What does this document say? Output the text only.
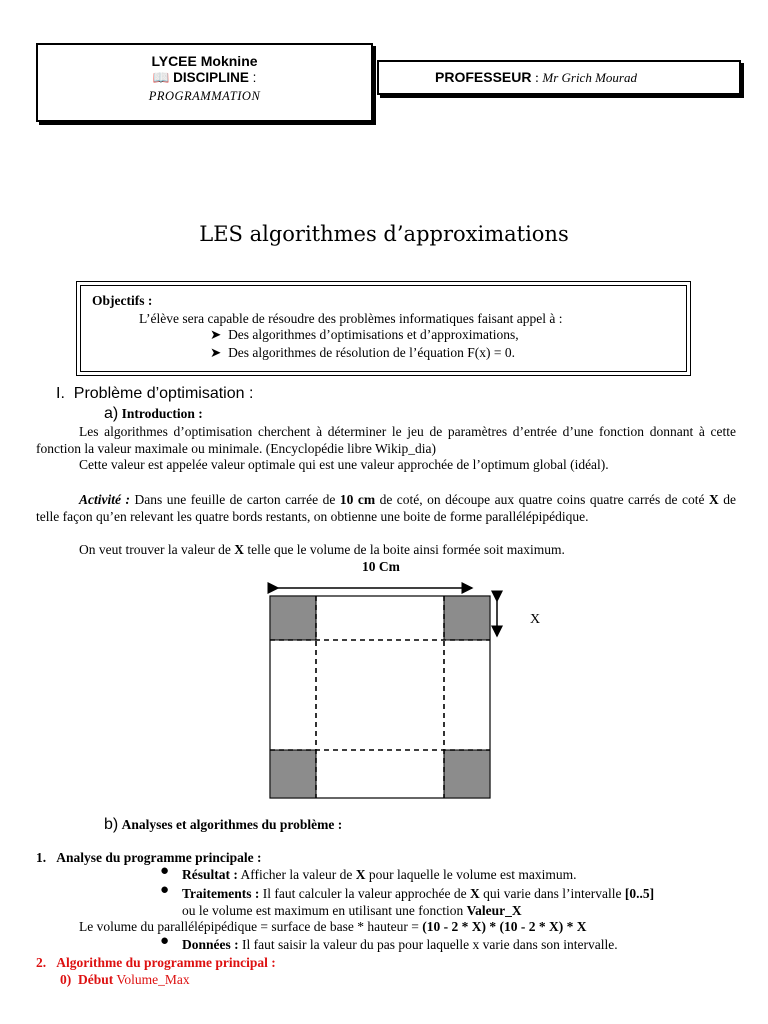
LYCEE Moknine
📖 DISCIPLINE :
PROGRAMMATION
PROFESSEUR : Mr Grich Mourad
LES algorithmes d’approximations
Objectifs :
L’élève sera capable de résoudre des problèmes informatiques faisant appel à :
➤ Des algorithmes d’optimisations et d’approximations,
➤ Des algorithmes de résolution de l’équation F(x) = 0.
I. Problème d’optimisation :
a) Introduction :
Les algorithmes d’optimisation cherchent à déterminer le jeu de paramètres d’entrée d’une fonction donnant à cette fonction la valeur maximale ou minimale. (Encyclopédie libre Wikip_dia)
Cette valeur est appelée valeur optimale qui est une valeur approchée de l’optimum global (idéal).
Activité : Dans une feuille de carton carrée de 10 cm de coté, on découpe aux quatre coins quatre carrés de coté X de telle façon qu’en relevant les quatre bords restants, on obtienne une boite de forme parallélépipédique.
On veut trouver la valeur de X telle que le volume de la boite ainsi formée soit maximum.
10 Cm
X
b) Analyses et algorithmes du problème :
1. Analyse du programme principale :
● Résultat : Afficher la valeur de X pour laquelle le volume est maximum.
● Traitements : Il faut calculer la valeur approchée de X qui varie dans l’intervalle [0..5]
ou le volume est maximum en utilisant une fonction Valeur_X
Le volume du parallélépipédique = surface de base * hauteur = (10 - 2 * X) * (10 - 2 * X) * X
● Données : Il faut saisir la valeur du pas pour laquelle x varie dans son intervalle.
2. Algorithme du programme principal :
0) Début Volume_Max
